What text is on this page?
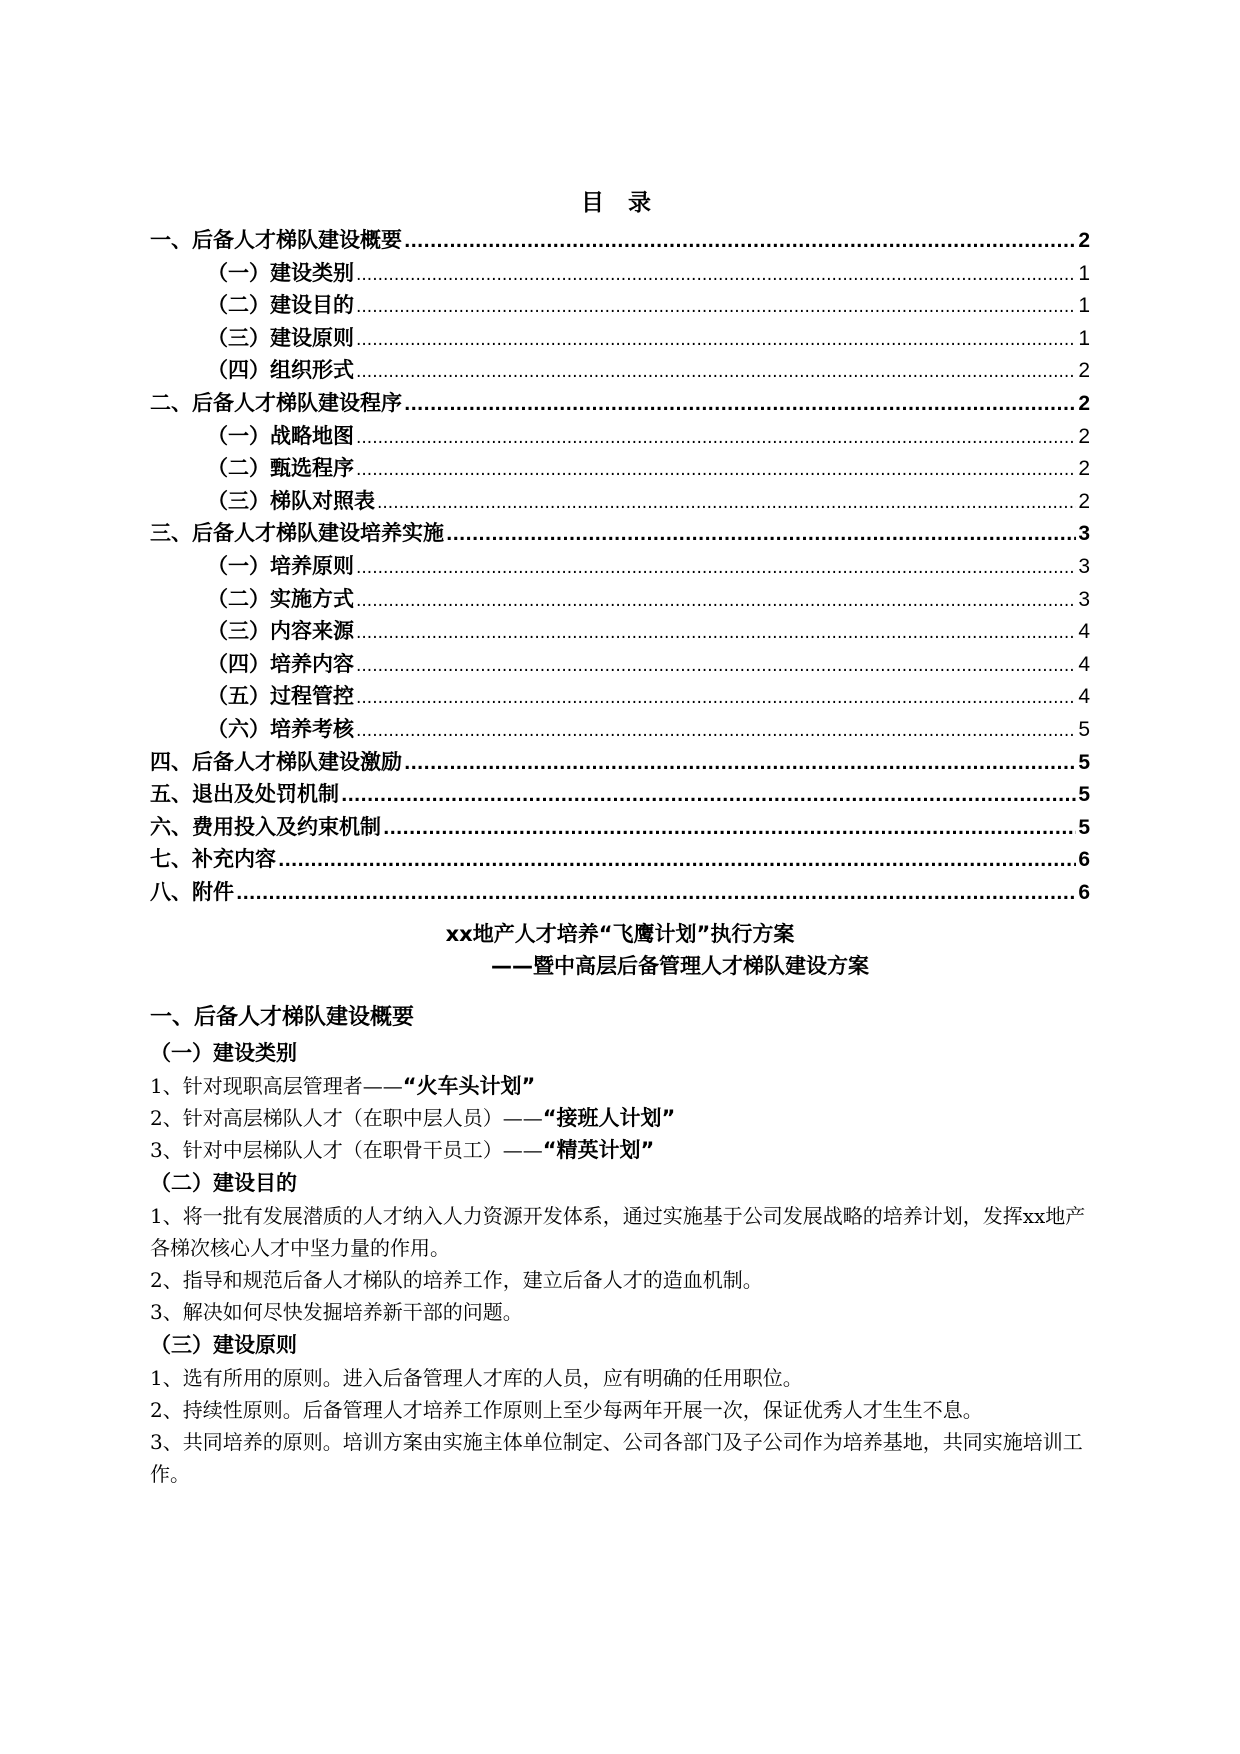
目 录
一、后备人才梯队建设概要 .....	2
（一）建设类别 .....	1
（二）建设目的 .....	1
（三）建设原则 .....	1
（四）组织形式 .....	2
二、后备人才梯队建设程序 .....	2
（一）战略地图 .....	2
（二）甄选程序 .....	2
（三）梯队对照表 .....	2
三、后备人才梯队建设培养实施 .....	3
（一）培养原则 .....	3
（二）实施方式 .....	3
（三）内容来源 .....	4
（四）培养内容 .....	4
（五）过程管控 .....	4
（六）培养考核 .....	5
四、后备人才梯队建设激励 .....	5
五、退出及处罚机制 .....	5
六、费用投入及约束机制 .....	5
七、补充内容 .....	6
八、附件 .....	6
xx地产人才培养“飞鹰计划”执行方案
——暨中高层后备管理人才梯队建设方案
一、后备人才梯队建设概要
（一）建设类别

1、针对现职高层管理者——“火车头计划”

2、针对高层梯队人才（在职中层人员）——“接班人计划”

3、针对中层梯队人才（在职骨干员工）——“精英计划”

（二）建设目的

1、将一批有发展潜质的人才纳入人力资源开发体系，通过实施基于公司发展战略的培养计划，发挥xx地产各梯次核心人才中坚力量的作用。

2、指导和规范后备人才梯队的培养工作，建立后备人才的造血机制。

3、解决如何尽快发掘培养新干部的问题。

（三）建设原则

1、选有所用的原则。进入后备管理人才库的人员，应有明确的任用职位。

2、持续性原则。后备管理人才培养工作原则上至少每两年开展一次，保证优秀人才生生不息。

3、共同培养的原则。培训方案由实施主体单位制定、公司各部门及子公司作为培养基地，共同实施培训工作。
